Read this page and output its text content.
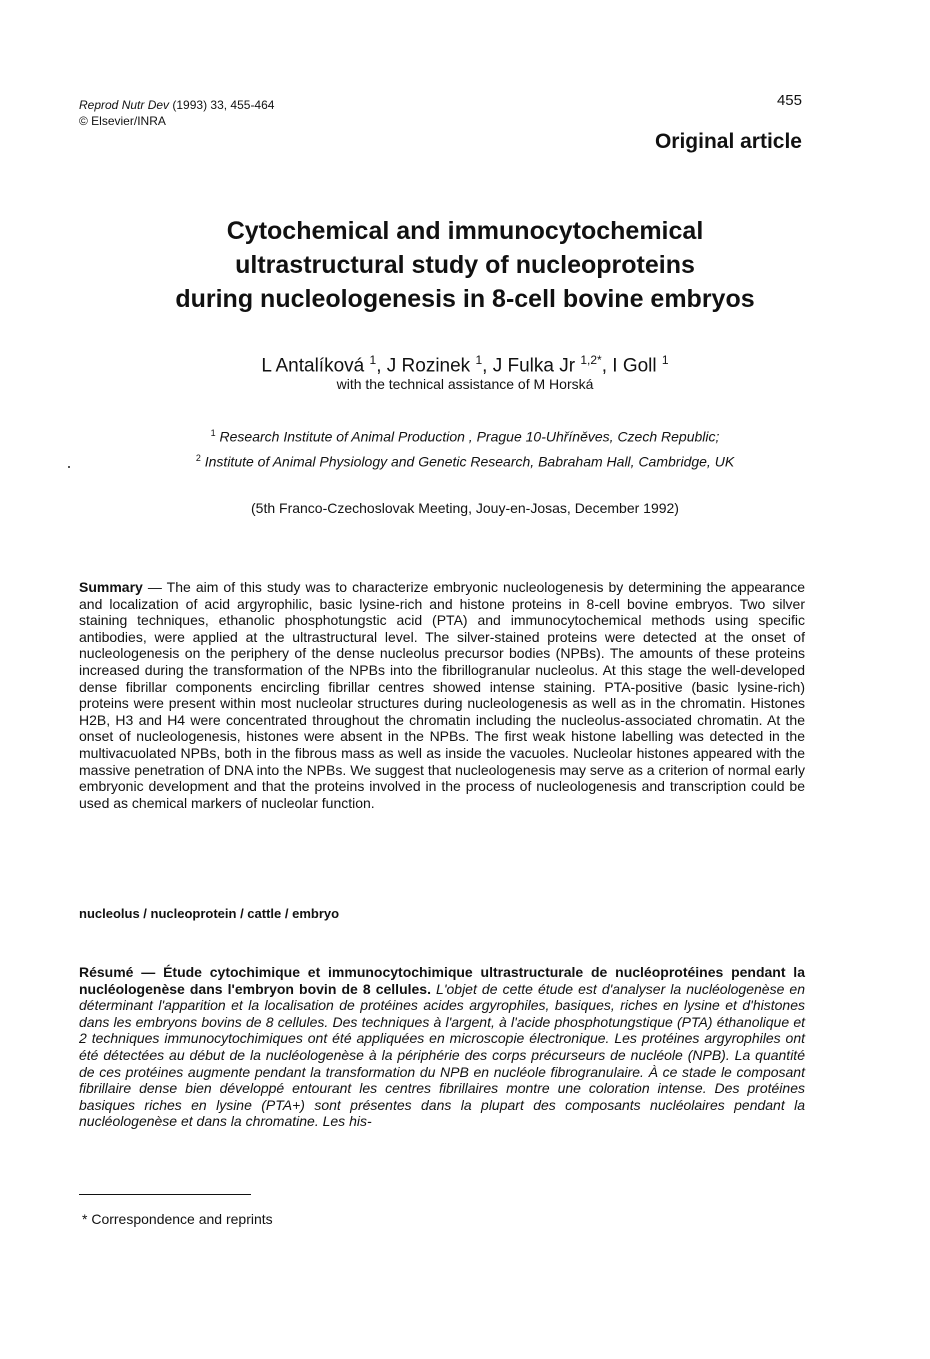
Reprod Nutr Dev (1993) 33, 455-464
© Elsevier/INRA
455
Original article
Cytochemical and immunocytochemical
ultrastructural study of nucleoproteins
during nucleologenesis in 8-cell bovine embryos
L Antalíková $^1$, J Rozinek $^1$, J Fulka Jr $^{1,2*}$, I Goll $^1$
with the technical assistance of M Horská
$^1$ Research Institute of Animal Production , Prague 10-Uhříněves, Czech Republic;
$^2$ Institute of Animal Physiology and Genetic Research, Babraham Hall, Cambridge, UK
(5th Franco-Czechoslovak Meeting, Jouy-en-Josas, December 1992)
Summary — The aim of this study was to characterize embryonic nucleologenesis by determining the appearance and localization of acid argyrophilic, basic lysine-rich and histone proteins in 8-cell bovine embryos. Two silver staining techniques, ethanolic phosphotungstic acid (PTA) and immunocytochemical methods using specific antibodies, were applied at the ultrastructural level. The silver-stained proteins were detected at the onset of nucleologenesis on the periphery of the dense nucleolus precursor bodies (NPBs). The amounts of these proteins increased during the transformation of the NPBs into the fibrillogranular nucleolus. At this stage the well-developed dense fibrillar components encircling fibrillar centres showed intense staining. PTA-positive (basic lysine-rich) proteins were present within most nucleolar structures during nucleologenesis as well as in the chromatin. Histones H2B, H3 and H4 were concentrated throughout the chromatin including the nucleolus-associated chromatin. At the onset of nucleologenesis, histones were absent in the NPBs. The first weak histone labelling was detected in the multivacuolated NPBs, both in the fibrous mass as well as inside the vacuoles. Nucleolar histones appeared with the massive penetration of DNA into the NPBs. We suggest that nucleologenesis may serve as a criterion of normal early embryonic development and that the proteins involved in the process of nucleologenesis and transcription could be used as chemical markers of nucleolar function.
nucleolus / nucleoprotein / cattle / embryo
Résumé — Étude cytochimique et immunocytochimique ultrastructurale de nucléoprotéines pendant la nucléologenèse dans l'embryon bovin de 8 cellules. L'objet de cette étude est d'analyser la nucléologenèse en déterminant l'apparition et la localisation de protéines acides argyrophiles, basiques, riches en lysine et d'histones dans les embryons bovins de 8 cellules. Des techniques à l'argent, à l'acide phosphotungstique (PTA) éthanolique et 2 techniques immunocytochimiques ont été appliquées en microscopie électronique. Les protéines argyrophiles ont été détectées au début de la nucléologenèse à la périphérie des corps précurseurs de nucléole (NPB). La quantité de ces protéines augmente pendant la transformation du NPB en nucléole fibrogranulaire. À ce stade le composant fibrillaire dense bien développé entourant les centres fibrillaires montre une coloration intense. Des protéines basiques riches en lysine (PTA+) sont présentes dans la plupart des composants nucléolaires pendant la nucléologenèse et dans la chromatine. Les his-
* Correspondence and reprints
